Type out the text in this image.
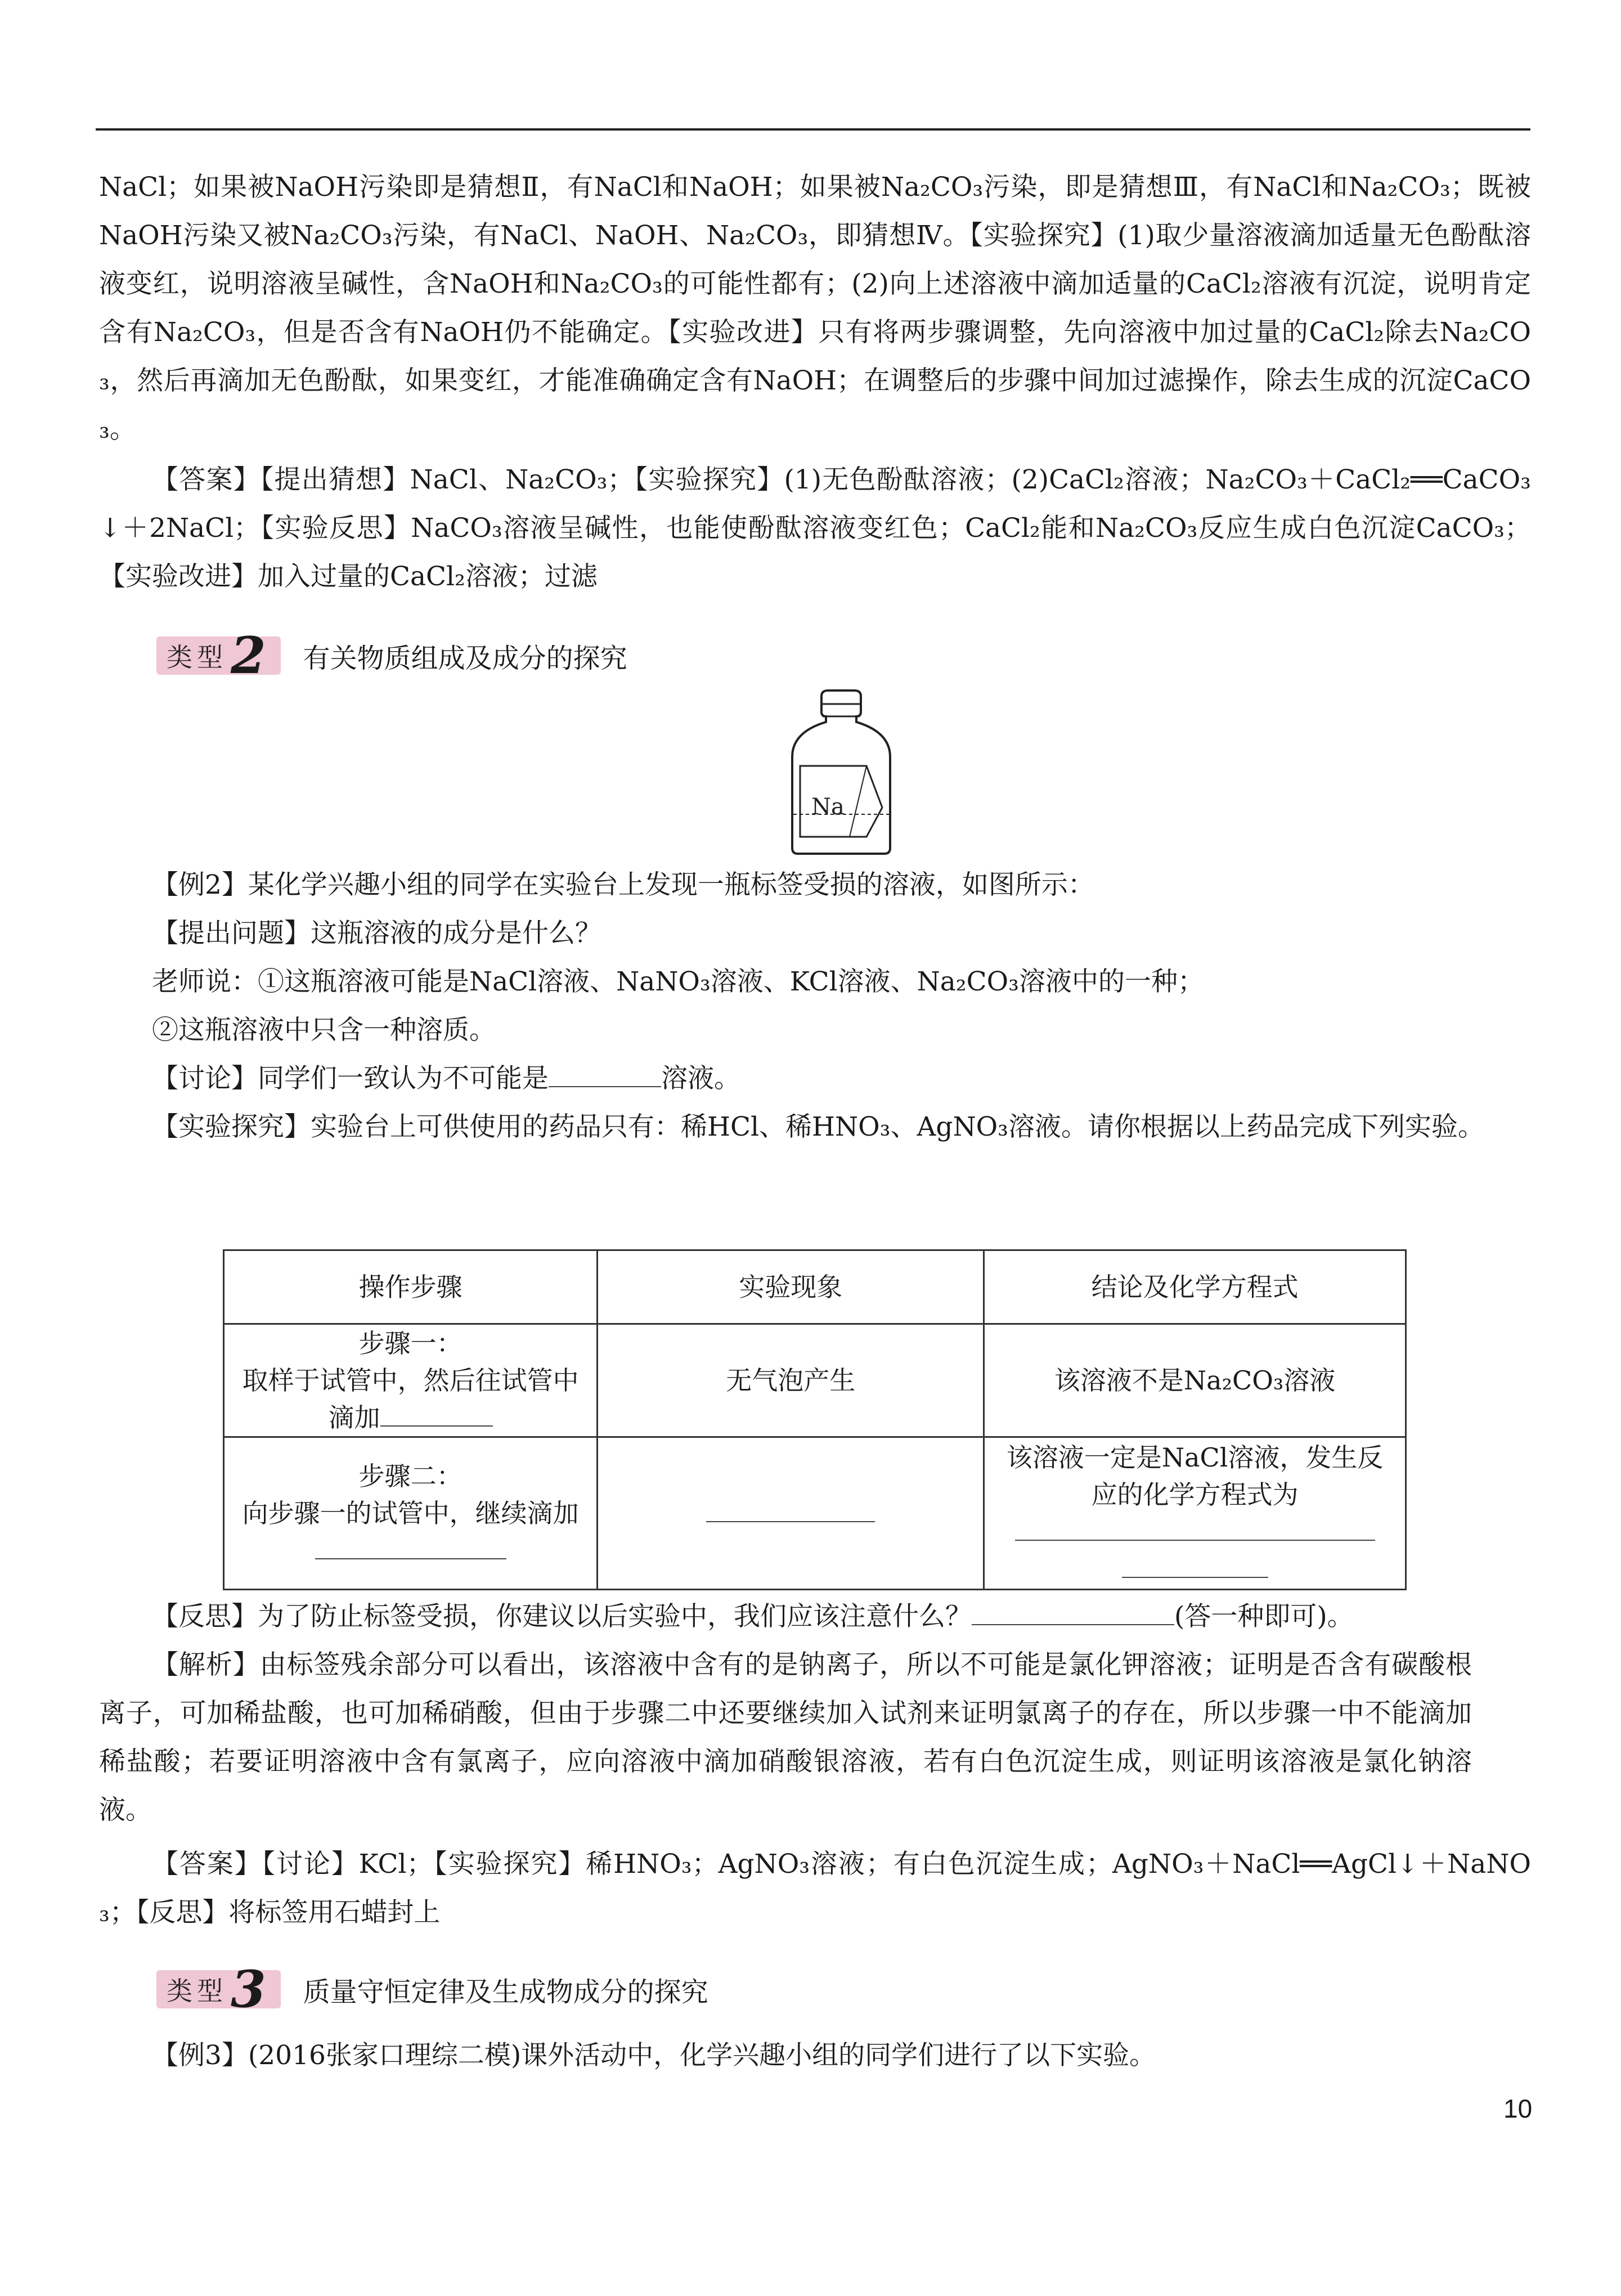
NaCl；如果被NaOH污染即是猜想Ⅱ，有NaCl和NaOH；如果被Na₂CO₃污染，即是猜想Ⅲ，有NaCl和Na₂CO₃；既被NaOH污染又被Na₂CO₃污染，有NaCl、NaOH、Na₂CO₃，即猜想Ⅳ。【实验探究】(1)取少量溶液滴加适量无色酚酞溶液变红，说明溶液呈碱性，含NaOH和Na₂CO₃的可能性都有；(2)向上述溶液中滴加适量的CaCl₂溶液有沉淀，说明肯定含有Na₂CO₃，但是否含有NaOH仍不能确定。【实验改进】只有将两步骤调整，先向溶液中加过量的CaCl₂除去Na₂CO₃，然后再滴加无色酚酞，如果变红，才能准确确定含有NaOH；在调整后的步骤中间加过滤操作，除去生成的沉淀CaCO₃。

【答案】【提出猜想】NaCl、Na₂CO₃；【实验探究】(1)无色酚酞溶液；(2)CaCl₂溶液；Na₂CO₃＋CaCl₂══CaCO₃↓＋2NaCl；【实验反思】NaCO₃溶液呈碱性，也能使酚酞溶液变红色；CaCl₂能和Na₂CO₃反应生成白色沉淀CaCO₃；【实验改进】加入过量的CaCl₂溶液；过滤

类型 2 有关物质组成及成分的探究
Na

【例2】某化学兴趣小组的同学在实验台上发现一瓶标签受损的溶液，如图所示：

【提出问题】这瓶溶液的成分是什么？

老师说：①这瓶溶液可能是NaCl溶液、NaNO₃溶液、KCl溶液、Na₂CO₃溶液中的一种；

②这瓶溶液中只含一种溶质。

【讨论】同学们一致认为不可能是	溶液。

【实验探究】实验台上可供使用的药品只有：稀HCl、稀HNO₃、AgNO₃溶液。请你根据以上药品完成下列实验。

操作步骤	实验现象	结论及化学方程式

步骤一：
取样于试管中，然后往试管中滴加	无气泡产生	该溶液不是Na₂CO₃溶液

步骤二：
向步骤一的试管中，继续滴加		该溶液一定是NaCl溶液，发生反应的化学方程式为

【反思】为了防止标签受损，你建议以后实验中，我们应该注意什么？	(答一种即可)。

【解析】由标签残余部分可以看出，该溶液中含有的是钠离子，所以不可能是氯化钾溶液；证明是否含有碳酸根离子，可加稀盐酸，也可加稀硝酸，但由于步骤二中还要继续加入试剂来证明氯离子的存在，所以步骤一中不能滴加稀盐酸；若要证明溶液中含有氯离子，应向溶液中滴加硝酸银溶液，若有白色沉淀生成，则证明该溶液是氯化钠溶液。

【答案】【讨论】KCl；【实验探究】稀HNO₃；AgNO₃溶液；有白色沉淀生成；AgNO₃＋NaCl══AgCl↓＋NaNO₃；【反思】将标签用石蜡封上

类型 3 质量守恒定律及生成物成分的探究

【例3】(2016张家口理综二模)课外活动中，化学兴趣小组的同学们进行了以下实验。

10
